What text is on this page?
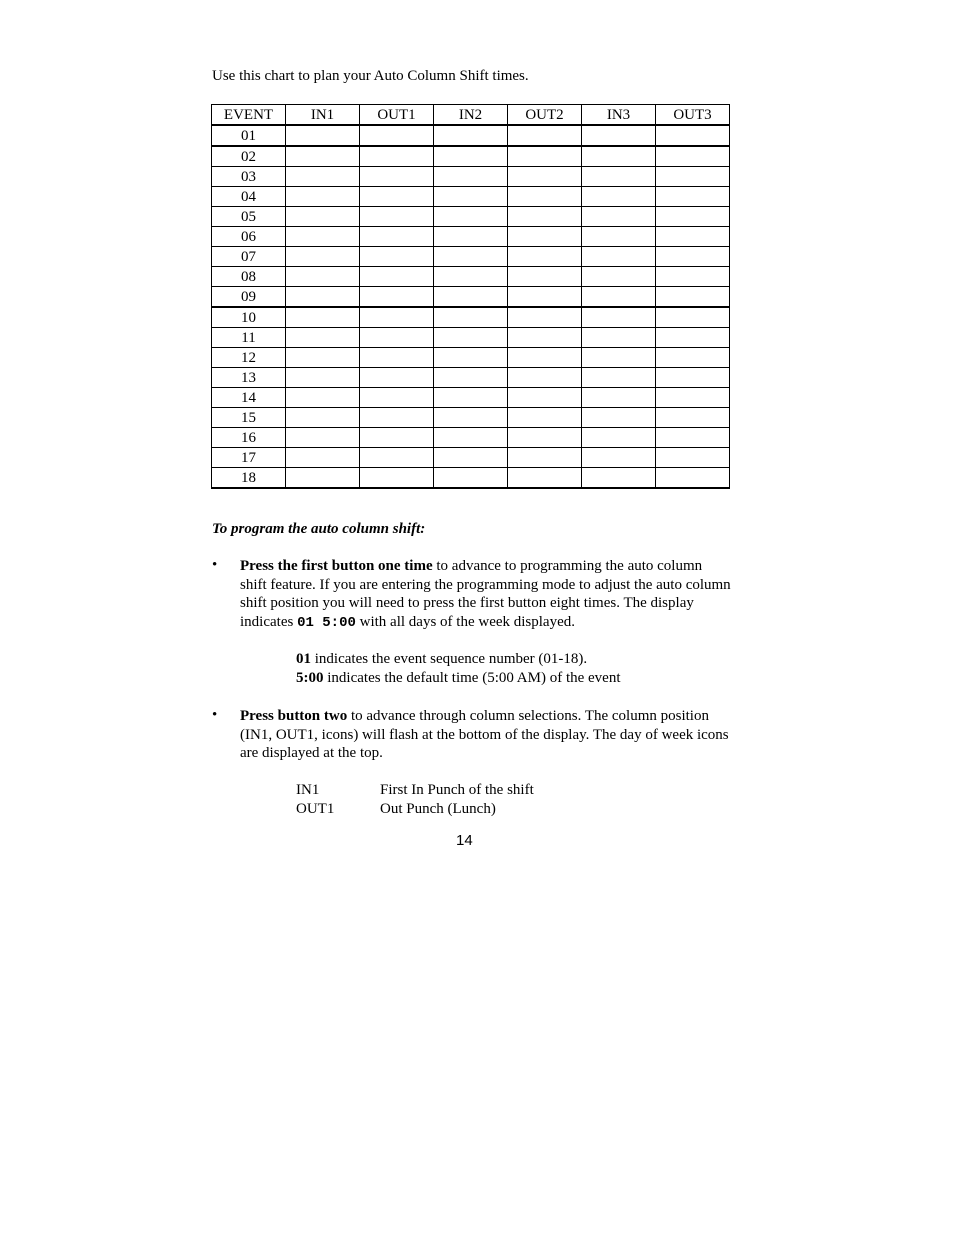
Use this chart to plan your Auto Column Shift times.
EVENT	IN1	OUT1	IN2	OUT2	IN3	OUT3
01						
02						
03						
04						
05						
06						
07						
08						
09						
10						
11						
12						
13						
14						
15						
16						
17						
18						
To program the auto column shift:
• Press the first button one time to advance to programming the auto column shift feature. If you are entering the programming mode to adjust the auto column shift position you will need to press the first button eight times. The display indicates 01 5:00 with all days of the week displayed.
01 indicates the event sequence number (01-18).
5:00 indicates the default time (5:00 AM) of the event
• Press button two to advance through column selections. The column position (IN1, OUT1, icons) will flash at the bottom of the display. The day of week icons are displayed at the top.
IN1	First In Punch of the shift
OUT1	Out Punch (Lunch)
14
